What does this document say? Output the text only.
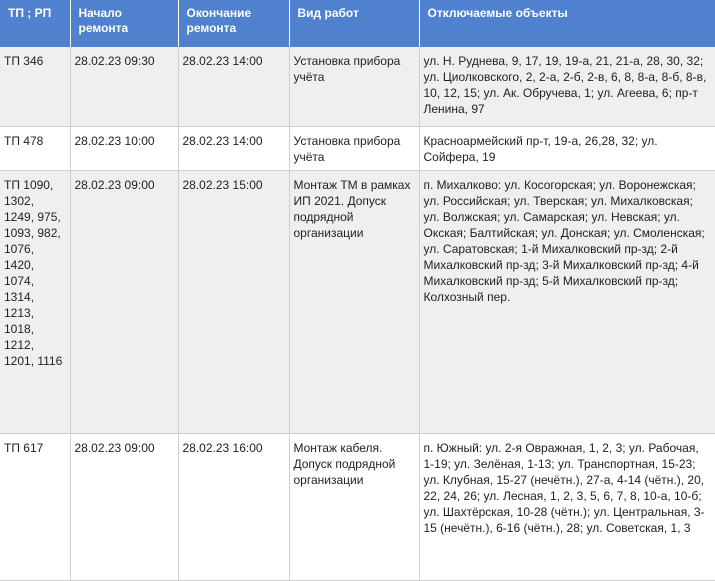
ТП ; РП	Начало ремонта	Окончание ремонта	Вид работ	Отключаемые объекты
ТП 346	28.02.23 09:30	28.02.23 14:00	Установка прибора учёта	ул. Н. Руднева, 9, 17, 19, 19-а, 21, 21-а, 28, 30, 32; ул. Циолковского, 2, 2-а, 2-б, 2-в, 6, 8, 8-а, 8-б, 8-в, 10, 12, 15; ул. Ак. Обручева, 1; ул. Агеева, 6; пр-т Ленина, 97
ТП 478	28.02.23 10:00	28.02.23 14:00	Установка прибора учёта	Красноармейский пр-т, 19-а, 26,28, 32; ул. Сойфера, 19
ТП 1090, 1302, 1249, 975, 1093, 982, 1076, 1420, 1074, 1314, 1213, 1018, 1212, 1201, 1116	28.02.23 09:00	28.02.23 15:00	Монтаж ТМ в рамках ИП 2021. Допуск подрядной организации	п. Михалково: ул. Косогорская; ул. Воронежская; ул. Российская; ул. Тверская; ул. Михалковская; ул. Волжская; ул. Самарская; ул. Невская; ул. Окская; Балтийская; ул. Донская; ул. Смоленская; ул. Саратовская; 1-й Михалковский пр-зд; 2-й Михалковский пр-зд; 3-й Михалковский пр-зд; 4-й Михалковский пр-зд; 5-й Михалковский пр-зд; Колхозный пер.
ТП 617	28.02.23 09:00	28.02.23 16:00	Монтаж кабеля. Допуск подрядной организации	п. Южный: ул. 2-я Овражная, 1, 2, 3; ул. Рабочая, 1-19; ул. Зелёная, 1-13; ул. Транспортная, 15-23; ул. Клубная, 15-27 (нечётн.), 27-а, 4-14 (чётн.), 20, 22, 24, 26; ул. Лесная, 1, 2, 3, 5, 6, 7, 8, 10-а, 10-б; ул. Шахтёрская, 10-28 (чётн.); ул. Центральная, 3-15 (нечётн.), 6-16 (чётн.), 28; ул. Советская, 1, 3
